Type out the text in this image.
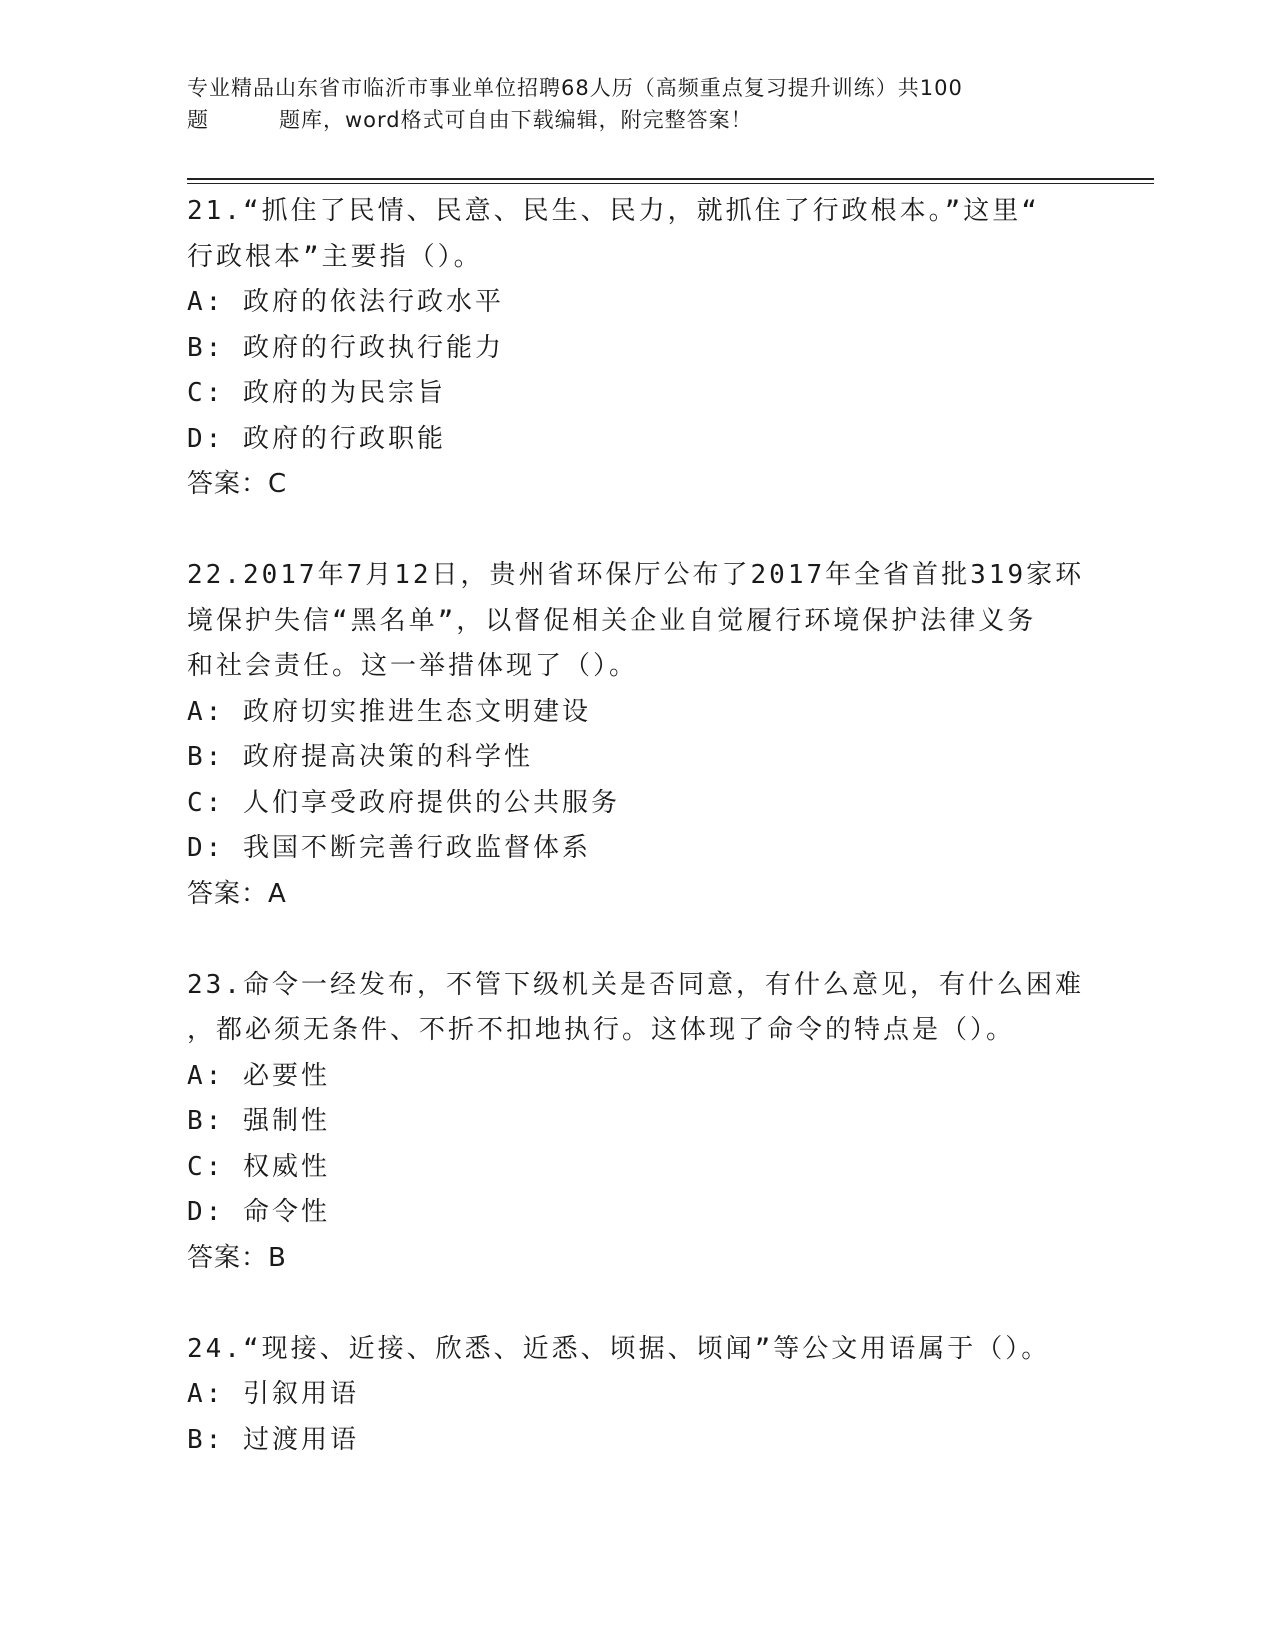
专业精品山东省市临沂市事业单位招聘68人历（高频重点复习提升训练）共100
题	题库，word格式可自由下载编辑，附完整答案！
21.“抓住了民情、民意、民生、民力，就抓住了行政根本。”这里“
行政根本”主要指（）。
A: 政府的依法行政水平
B: 政府的行政执行能力
C: 政府的为民宗旨
D: 政府的行政职能
答案：C
22.2017年7月12日，贵州省环保厅公布了2017年全省首批319家环
境保护失信“黑名单”，以督促相关企业自觉履行环境保护法律义务
和社会责任。这一举措体现了（）。
A: 政府切实推进生态文明建设
B: 政府提高决策的科学性
C: 人们享受政府提供的公共服务
D: 我国不断完善行政监督体系
答案：A
23.命令一经发布，不管下级机关是否同意，有什么意见，有什么困难
，都必须无条件、不折不扣地执行。这体现了命令的特点是（）。
A: 必要性
B: 强制性
C: 权威性
D: 命令性
答案：B
24.“现接、近接、欣悉、近悉、顷据、顷闻”等公文用语属于（）。
A: 引叙用语
B: 过渡用语
